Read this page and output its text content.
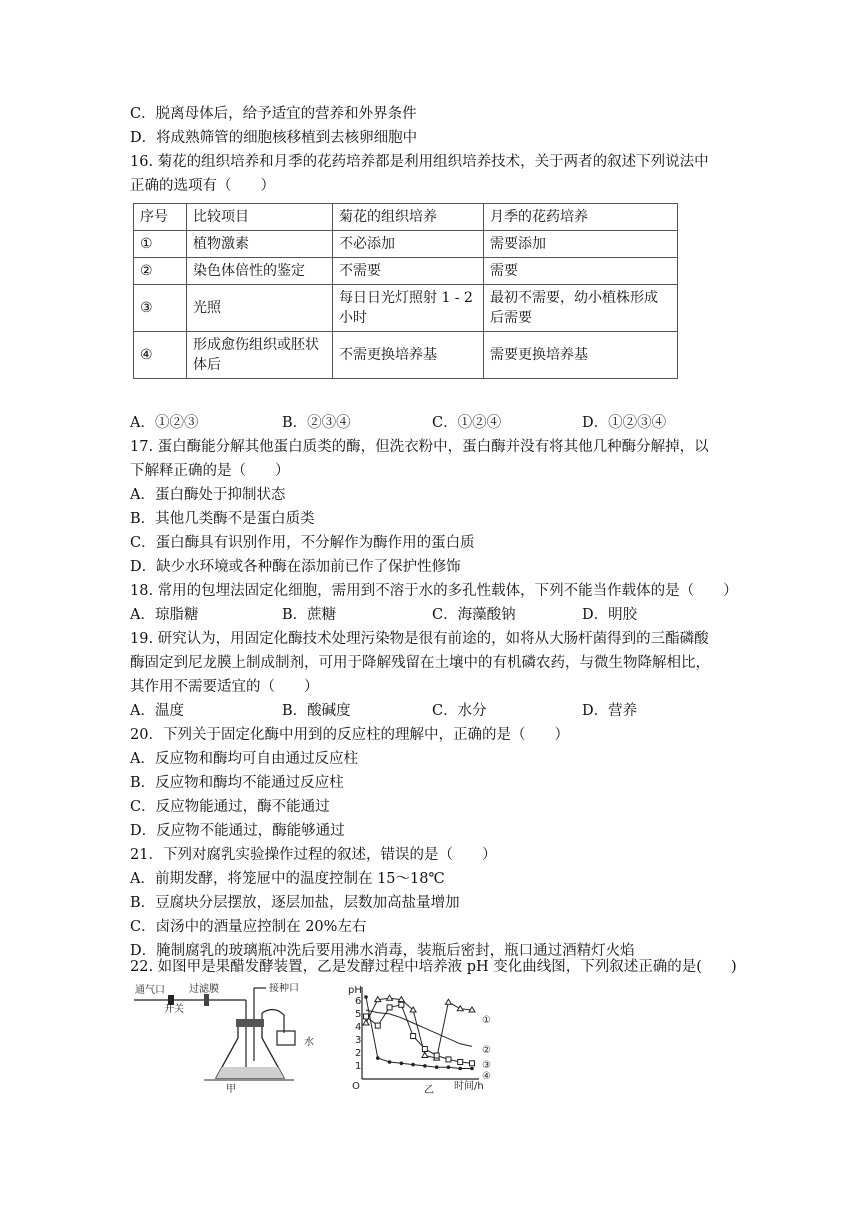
C．脱离母体后，给予适宜的营养和外界条件
D．将成熟筛管的细胞核移植到去核卵细胞中
16. 菊花的组织培养和月季的花药培养都是利用组织培养技术，关于两者的叙述下列说法中
正确的选项有（　　）
序号	比较项目	菊花的组织培养	月季的花药培养
①	植物激素	不必添加	需要添加
②	染色体倍性的鉴定	不需要	需要
③	光照	每日日光灯照射 1 - 2 小时	最初不需要，幼小植株形成后需要
④	形成愈伤组织或胚状体后	不需更换培养基	需要更换培养基
A．①②③	B．②③④	C．①②④	D．①②③④
17. 蛋白酶能分解其他蛋白质类的酶，但洗衣粉中，蛋白酶并没有将其他几种酶分解掉，以
下解释正确的是（　　）
A．蛋白酶处于抑制状态
B．其他几类酶不是蛋白质类
C．蛋白酶具有识别作用，不分解作为酶作用的蛋白质
D．缺少水环境或各种酶在添加前已作了保护性修饰
18. 常用的包埋法固定化细胞，需用到不溶于水的多孔性载体，下列不能当作载体的是（　　）
A．琼脂糖	B．蔗糖	C．海藻酸钠	D．明胶
19. 研究认为，用固定化酶技术处理污染物是很有前途的，如将从大肠杆菌得到的三酯磷酸
酶固定到尼龙膜上制成制剂，可用于降解残留在土壤中的有机磷农药，与微生物降解相比，
其作用不需要适宜的（　　）
A．温度	B．酸碱度	C．水分	D．营养
20．下列关于固定化酶中用到的反应柱的理解中，正确的是（　　）
A．反应物和酶均可自由通过反应柱
B．反应物和酶均不能通过反应柱
C．反应物能通过，酶不能通过
D．反应物不能通过，酶能够通过
21．下列对腐乳实验操作过程的叙述，错误的是（　　）
A．前期发酵，将笼屉中的温度控制在 15～18℃
B．豆腐块分层摆放，逐层加盐，层数加高盐量增加
C．卤汤中的酒量应控制在 20%左右
D．腌制腐乳的玻璃瓶冲洗后要用沸水消毒，装瓶后密封，瓶口通过酒精灯火焰
22. 如图甲是果醋发酵装置，乙是发酵过程中培养液 pH 变化曲线图，下列叙述正确的是(　　)
通气口
开关
过滤膜	接种口
水
甲
pH
6
5
4
3
2
1
O	时间/h
乙
①
②
③
④
